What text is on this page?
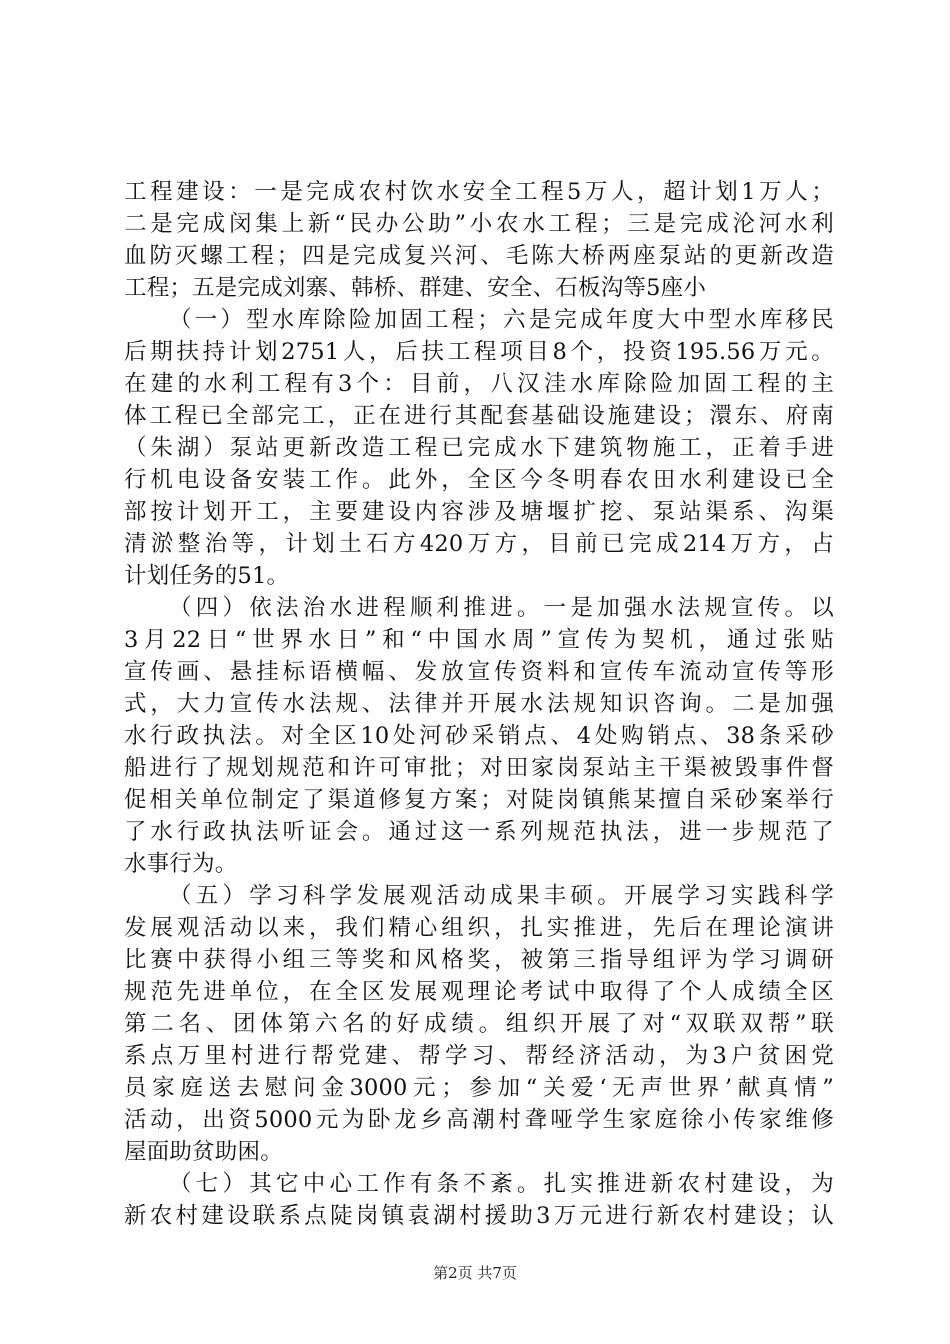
工程建设：一是完成农村饮水安全工程5万人，超计划1万人；
二是完成闵集上新“民办公助”小农水工程；三是完成沦河水利
血防灭螺工程；四是完成复兴河、毛陈大桥两座泵站的更新改造
工程；五是完成刘寨、韩桥、群建、安全、石板沟等5座小
（一）型水库除险加固工程；六是完成年度大中型水库移民
后期扶持计划2751人，后扶工程项目8个，投资195.56万元。
在建的水利工程有3个：目前，八汉洼水库除险加固工程的主
体工程已全部完工，正在进行其配套基础设施建设；澴东、府南
（朱湖）泵站更新改造工程已完成水下建筑物施工，正着手进
行机电设备安装工作。此外，全区今冬明春农田水利建设已全
部按计划开工，主要建设内容涉及塘堰扩挖、泵站渠系、沟渠
清淤整治等，计划土石方420万方，目前已完成214万方，占
计划任务的51。
（四）依法治水进程顺利推进。一是加强水法规宣传。以
3月22日“世界水日”和“中国水周”宣传为契机，通过张贴
宣传画、悬挂标语横幅、发放宣传资料和宣传车流动宣传等形
式，大力宣传水法规、法律并开展水法规知识咨询。二是加强
水行政执法。对全区10处河砂采销点、4处购销点、38条采砂
船进行了规划规范和许可审批；对田家岗泵站主干渠被毁事件督
促相关单位制定了渠道修复方案；对陡岗镇熊某擅自采砂案举行
了水行政执法听证会。通过这一系列规范执法，进一步规范了
水事行为。
（五）学习科学发展观活动成果丰硕。开展学习实践科学
发展观活动以来，我们精心组织，扎实推进，先后在理论演讲
比赛中获得小组三等奖和风格奖，被第三指导组评为学习调研
规范先进单位，在全区发展观理论考试中取得了个人成绩全区
第二名、团体第六名的好成绩。组织开展了对“双联双帮”联
系点万里村进行帮党建、帮学习、帮经济活动，为3户贫困党
员家庭送去慰问金3000元；参加“关爱‘无声世界’献真情”
活动，出资5000元为卧龙乡高潮村聋哑学生家庭徐小传家维修
屋面助贫助困。
（七）其它中心工作有条不紊。扎实推进新农村建设，为
新农村建设联系点陡岗镇袁湖村援助3万元进行新农村建设；认
第2页 共7页
